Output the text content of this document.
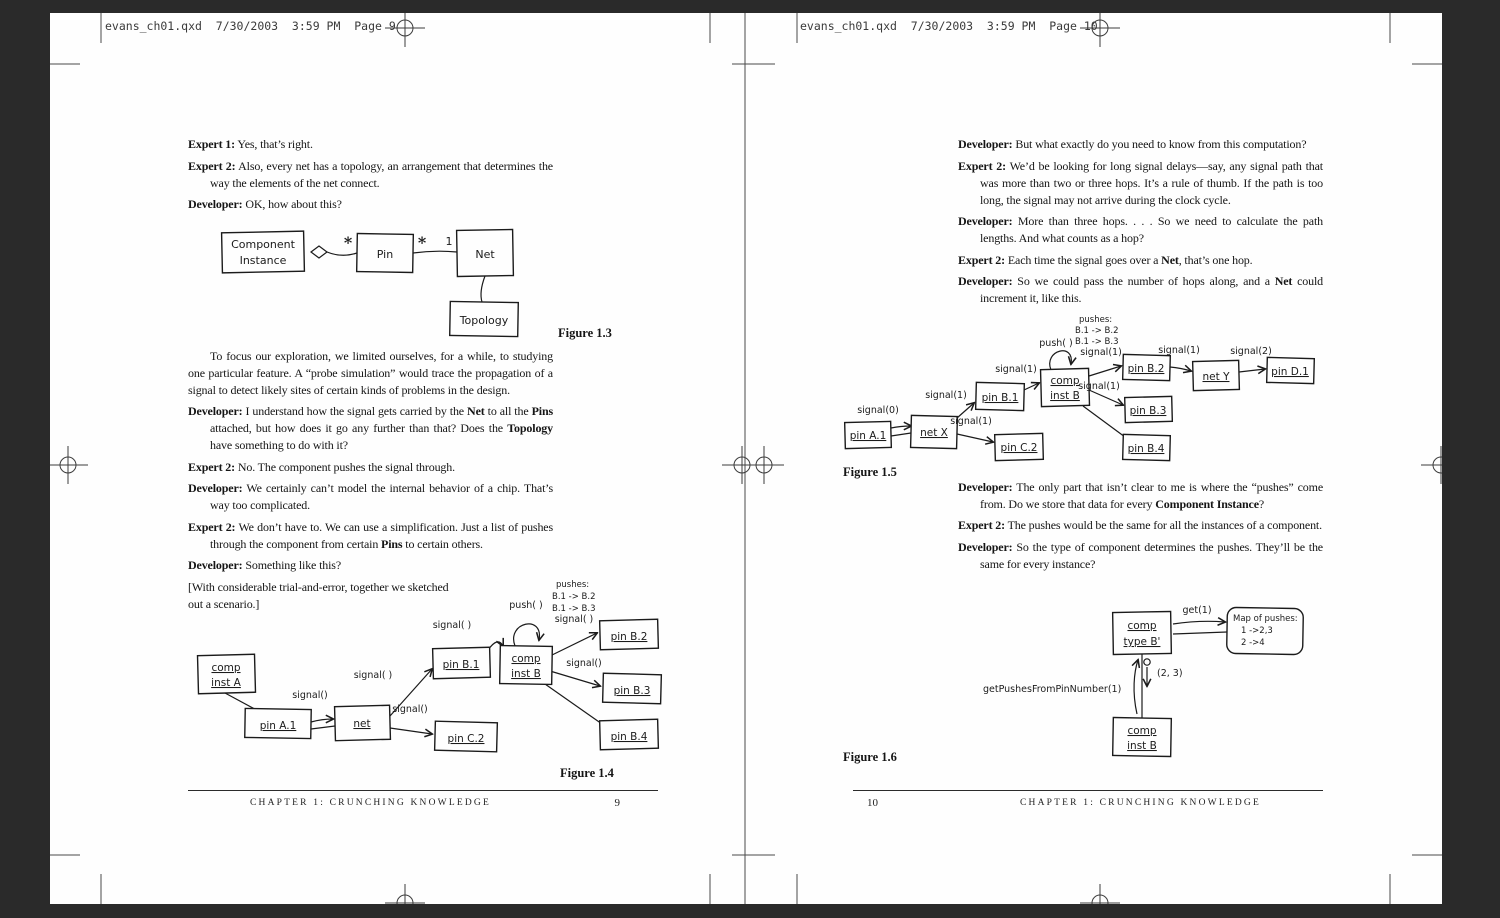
evans_ch01.qxd  7/30/2003  3:59 PM  Page 9

Expert 1: Yes, that’s right.

Expert 2: Also, every net has a topology, an arrangement that determines the way the elements of the net connect.

Developer: OK, how about this?

To focus our exploration, we limited ourselves, for a while, to studying one particular feature. A “probe simulation” would trace the propagation of a signal to detect likely sites of certain kinds of problems in the design.

Developer: I understand how the signal gets carried by the Net to all the Pins attached, but how does it go any further than that? Does the Topology have something to do with it?

Expert 2: No. The component pushes the signal through.

Developer: We certainly can’t model the internal behavior of a chip. That’s way too complicated.

Expert 2: We don’t have to. We can use a simplification. Just a list of pushes through the component from certain Pins to certain others.

Developer: Something like this?

[With considerable trial-and-error, together we sketched out a scenario.]

Component
Instance	Pin	Net
Topology
*	* 1
Figure 1.3
comp
inst A
pin A.1	net
pin C.2
pin B.1	comp
inst B
pin B.2
pin B.3
pin B.4
signal()
signal( )
signal()
signal( )
push( )
signal( )
signal()
pushes:
B.1 -> B.2
B.1 -> B.3
Figure 1.4
CHAPTER 1: CRUNCHING KNOWLEDGE	9
evans_ch01.qxd  7/30/2003  3:59 PM  Page 10

Developer: But what exactly do you need to know from this computation?

Expert 2: We’d be looking for long signal delays—say, any signal path that was more than two or three hops. It’s a rule of thumb. If the path is too long, the signal may not arrive during the clock cycle.

Developer: More than three hops. . . . So we need to calculate the path lengths. And what counts as a hop?

Expert 2: Each time the signal goes over a Net, that’s one hop.

Developer: So we could pass the number of hops along, and a Net could increment it, like this.

Developer: The only part that isn’t clear to me is where the “pushes” come from. Do we store that data for every Component Instance?

Expert 2: The pushes would be the same for all the instances of a component.

Developer: So the type of component determines the pushes. They’ll be the same for every instance?

pin A.1	net X
pin C.2
pin B.1
comp
inst B
pin B.2
pin B.3
pin B.4
net Y	pin D.1
signal(0)
signal(1)
signal(1)
signal(1)
push( )
signal(1)
signal(1)
signal(1)	signal(2)
pushes:
B.1 -> B.2
B.1 -> B.3
Figure 1.5
comp
type B'
Map of pushes:
1 ->2,3
2 ->4
comp
inst B
get(1)
getPushesFromPinNumber(1)
(2, 3)
Figure 1.6
10	CHAPTER 1: CRUNCHING KNOWLEDGE
